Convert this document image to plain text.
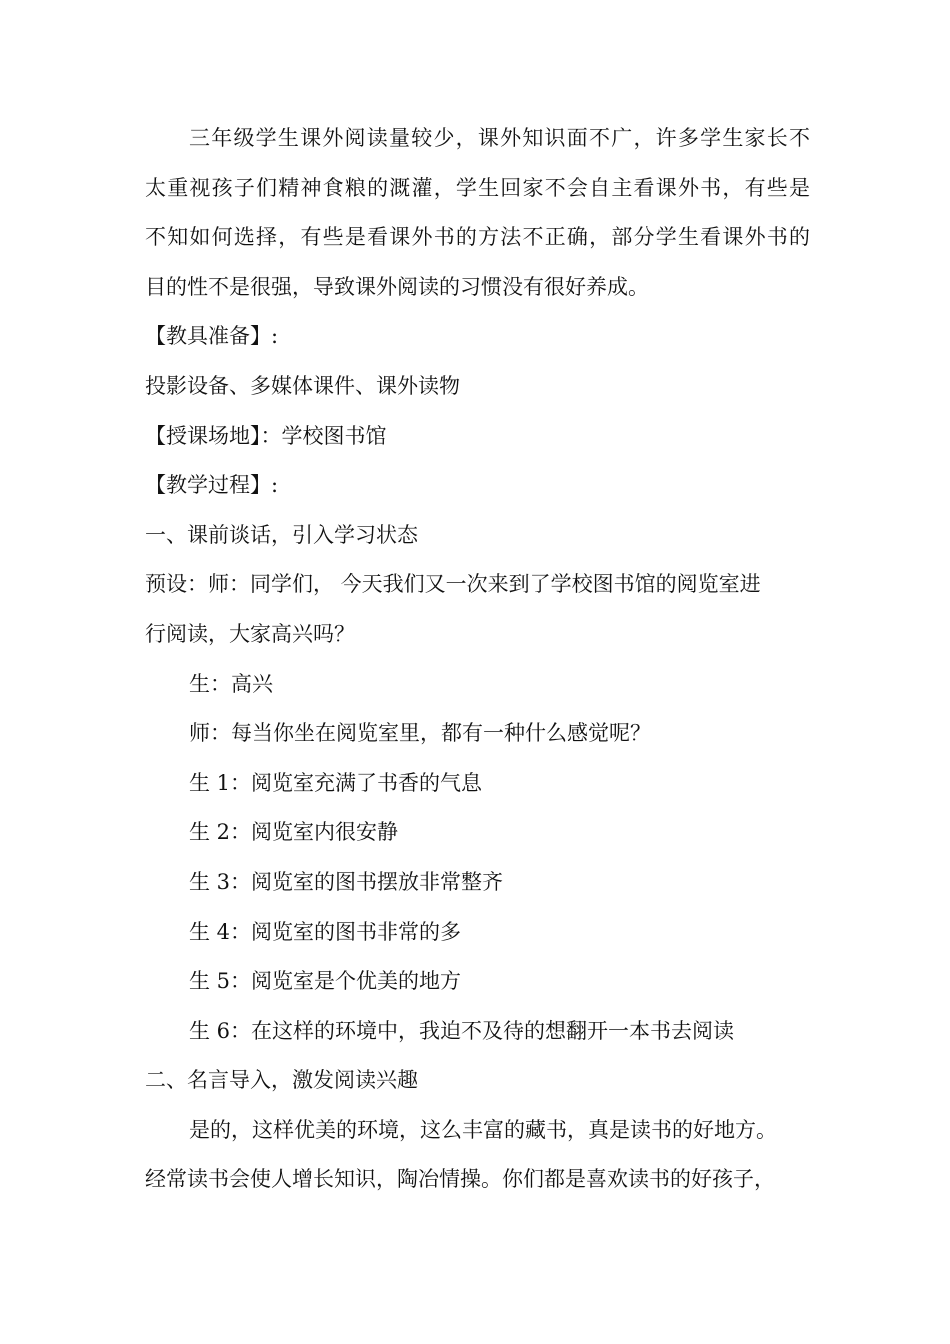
三年级学生课外阅读量较少，课外知识面不广，许多学生家长不
太重视孩子们精神食粮的溉灌，学生回家不会自主看课外书，有些是
不知如何选择，有些是看课外书的方法不正确，部分学生看课外书的
目的性不是很强，导致课外阅读的习惯没有很好养成。
【教具准备】:
投影设备、多媒体课件、课外读物
【授课场地】：学校图书馆
【教学过程】:
一、课前谈话，引入学习状态
预设：师：同学们， 今天我们又一次来到了学校图书馆的阅览室进
行阅读，大家高兴吗？
生：高兴
师：每当你坐在阅览室里，都有一种什么感觉呢？
生 1：阅览室充满了书香的气息
生 2：阅览室内很安静
生 3：阅览室的图书摆放非常整齐
生 4：阅览室的图书非常的多
生 5：阅览室是个优美的地方
生 6：在这样的环境中，我迫不及待的想翻开一本书去阅读
二、名言导入，激发阅读兴趣
是的，这样优美的环境，这么丰富的藏书，真是读书的好地方。
经常读书会使人增长知识，陶冶情操。你们都是喜欢读书的好孩子，
